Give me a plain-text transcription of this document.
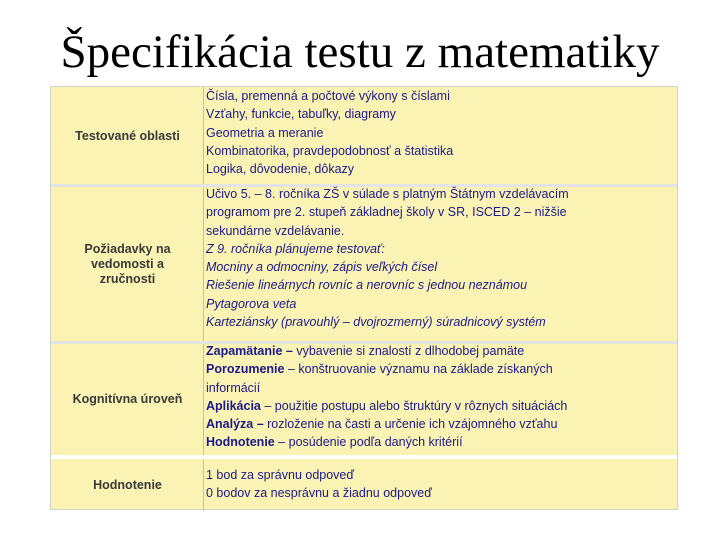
Špecifikácia testu z matematiky
Testované oblasti
Čísla, premenná a počtové výkony s číslami
Vzťahy, funkcie, tabuľky, diagramy
Geometria a meranie
Kombinatorika, pravdepodobnosť a štatistika
Logika, dôvodenie, dôkazy
Požiadavky na vedomosti a zručnosti
Učivo 5. – 8. ročníka ZŠ v súlade s platným Štátnym vzdelávacím
programom pre 2. stupeň základnej školy v SR, ISCED 2 – nižšie
sekundárne vzdelávanie.
Z 9. ročníka plánujeme testovať:
Mocniny a odmocniny, zápis veľkých čísel
Riešenie lineárnych rovníc a nerovníc s jednou neznámou
Pytagorova veta
Karteziánsky (pravouhlý – dvojrozmerný) súradnicový systém
Kognitívna úroveň
Zapamätanie – vybavenie si znalostí z dlhodobej pamäte
Porozumenie – konštruovanie významu na základe získaných
informácií
Aplikácia – použitie postupu alebo štruktúry v rôznych situáciách
Analýza – rozloženie na časti a určenie ich vzájomného vzťahu
Hodnotenie – posúdenie podľa daných kritérií
Hodnotenie
1 bod za správnu odpoveď
0 bodov za nesprávnu a žiadnu odpoveď
